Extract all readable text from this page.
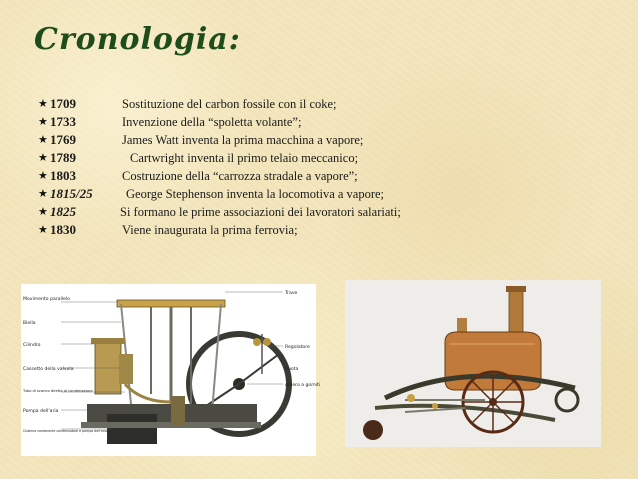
Cronologia:
★ 1709	Sostituzione del carbon fossile con il coke;
★ 1733	Invenzione della “spoletta volante”;
★ 1769	James Watt inventa la prima macchina a vapore;
★ 1789	Cartwright inventa il primo telaio meccanico;
★ 1803	Costruzione della “carrozza stradale a vapore”;
★ 1815/25	George Stephenson inventa la locomotiva a vapore;
★ 1825	Si formano le prime associazioni dei lavoratori salariati;
★ 1830	Viene inaugurata la prima ferrovia;
Movimento parallelo
Biella
Cilindro
Cassetto della valvola
Tubo di scarico diretto al condensatore
Pompa dell'aria
Cisterna contenente condensatore e pompa dell'aria
Trave
Regolatore
Ruota
Albero a gomiti
